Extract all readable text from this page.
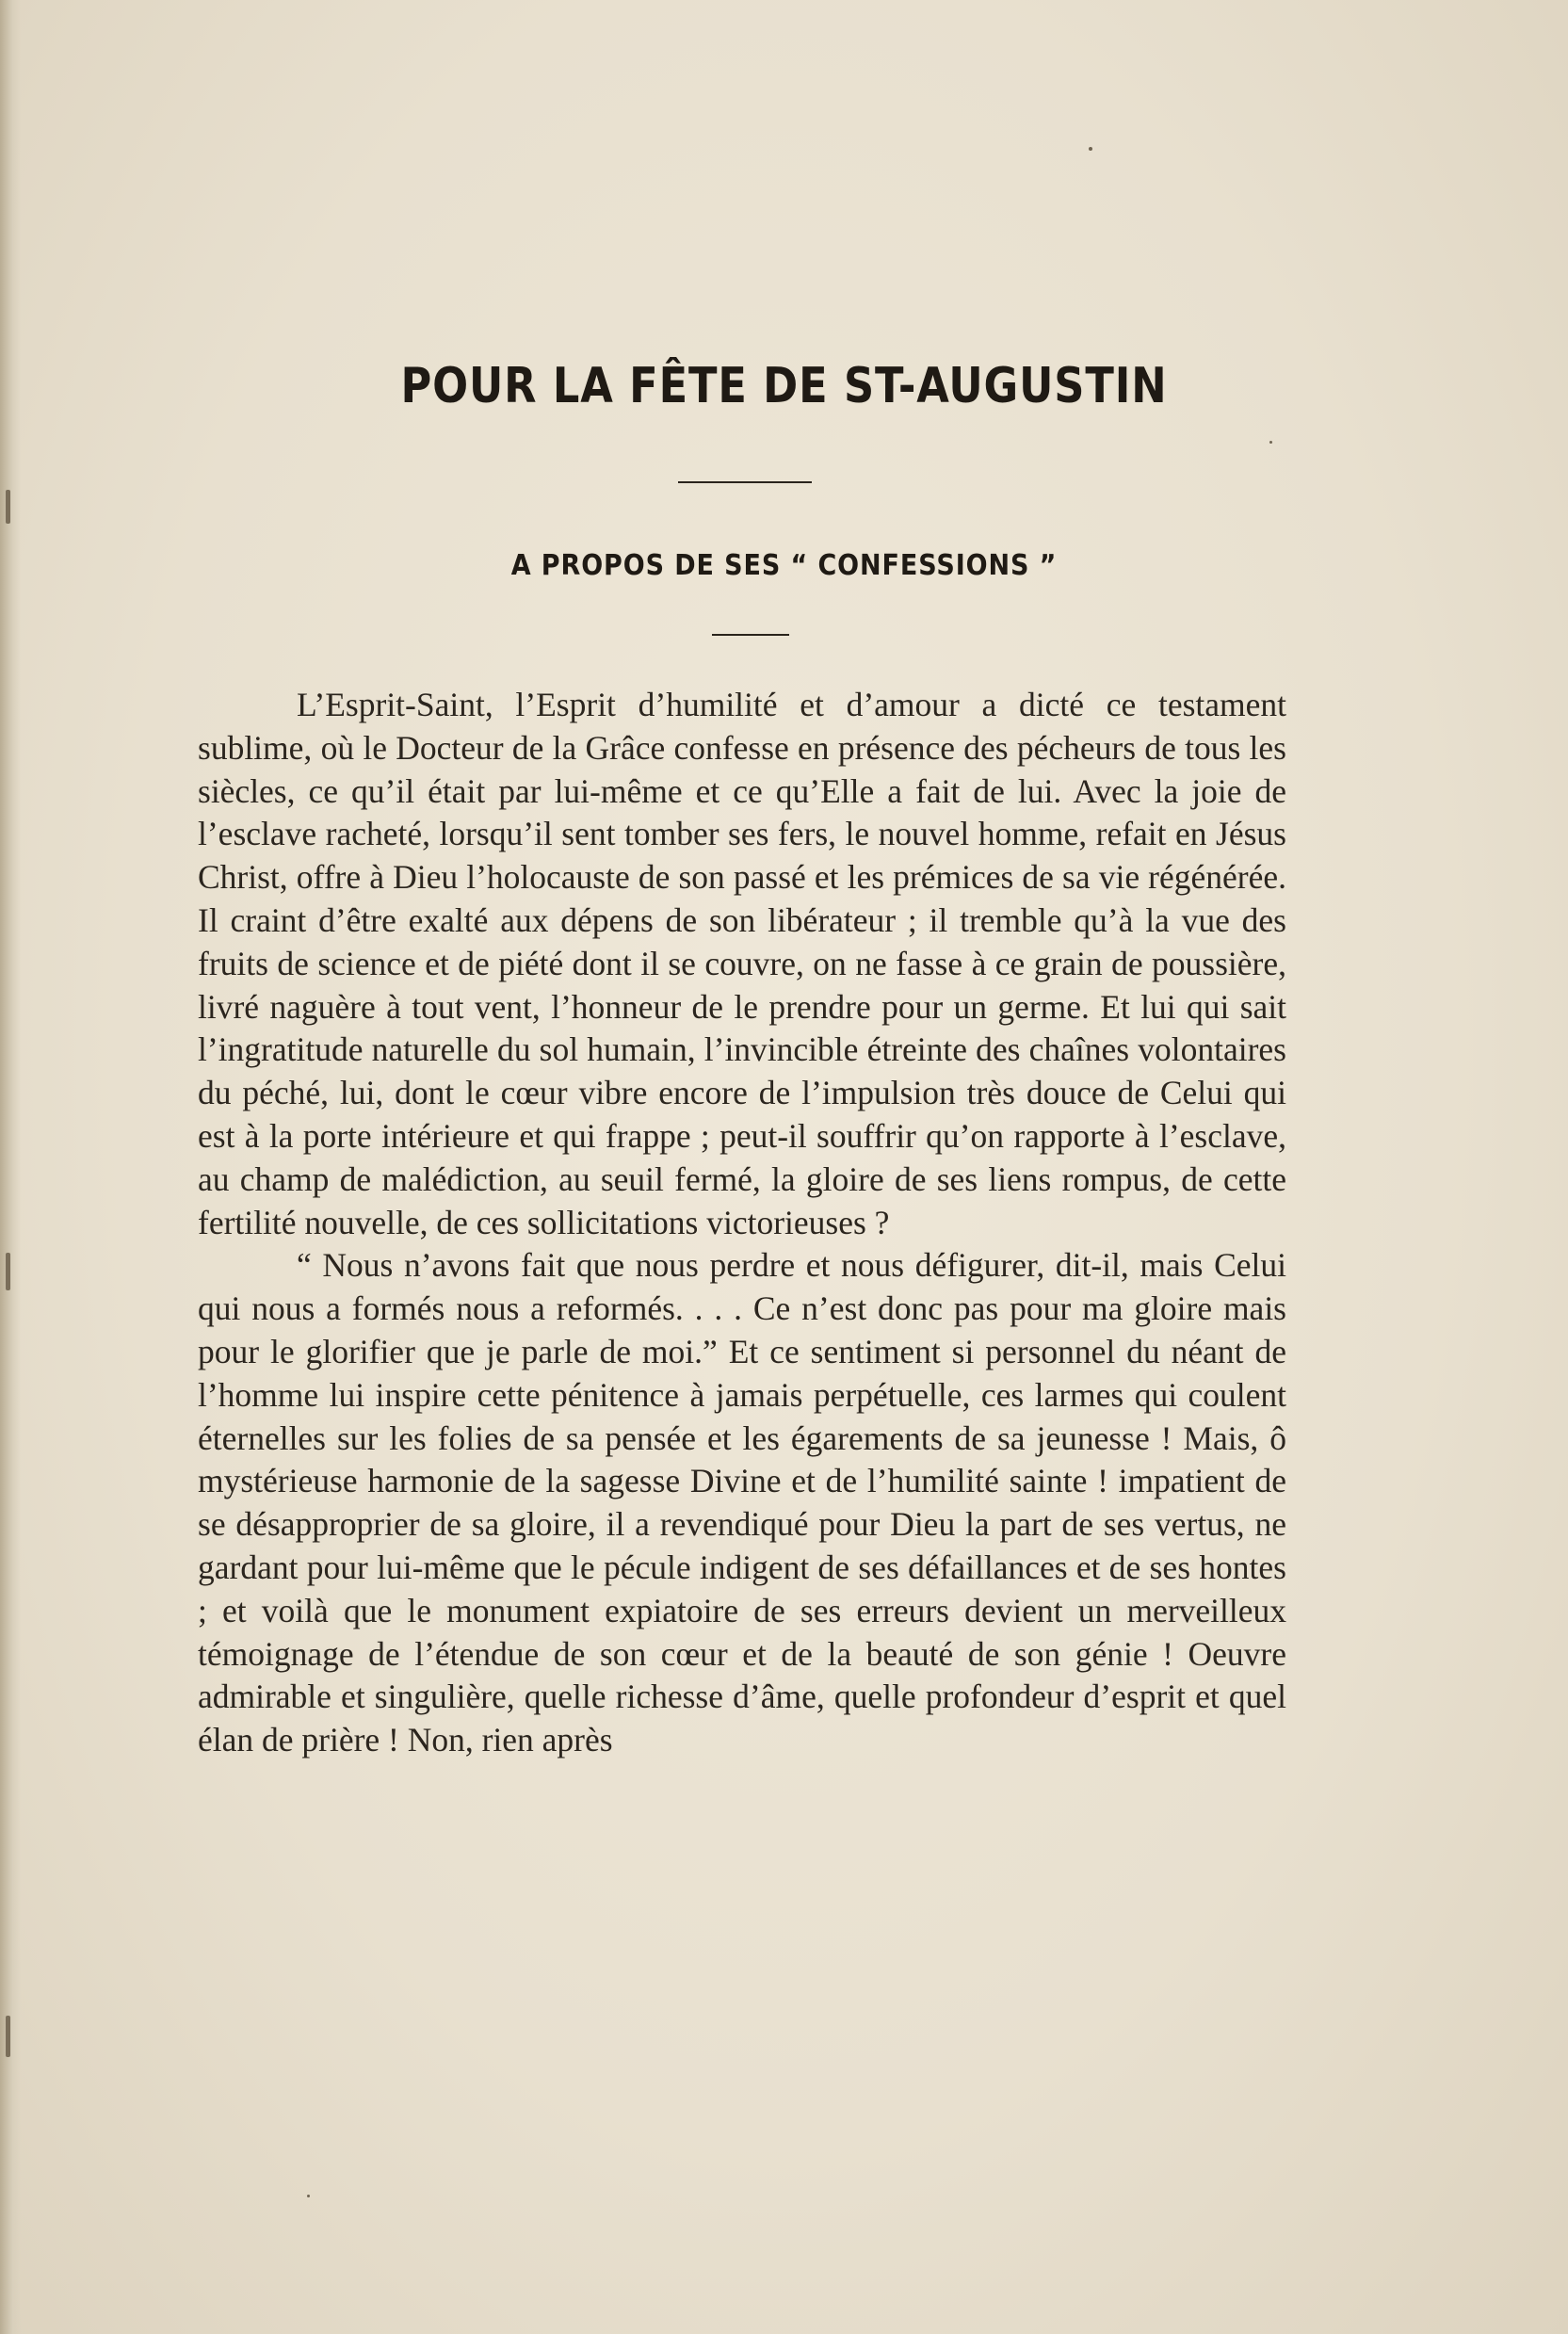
POUR LA FÊTE DE ST-AUGUSTIN
A PROPOS DE SES “ CONFESSIONS ”

L’Esprit-Saint, l’Esprit d’humilité et d’amour a dicté ce testament sublime, où le Docteur de la Grâce confesse en présence des pécheurs de tous les siècles, ce qu’il était par lui-même et ce qu’Elle a fait de lui. Avec la joie de l’esclave racheté, lorsqu’il sent tomber ses fers, le nouvel homme, refait en Jésus Christ, offre à Dieu l’holocauste de son passé et les prémices de sa vie régénérée. Il craint d’être exalté aux dépens de son libérateur ; il tremble qu’à la vue des fruits de science et de piété dont il se couvre, on ne fasse à ce grain de poussière, livré naguère à tout vent, l’honneur de le prendre pour un germe. Et lui qui sait l’ingratitude naturelle du sol humain, l’invincible étreinte des chaînes volontaires du péché, lui, dont le cœur vibre encore de l’impulsion très douce de Celui qui est à la porte intérieure et qui frappe ; peut-il souffrir qu’on rapporte à l’esclave, au champ de malédiction, au seuil fermé, la gloire de ses liens rompus, de cette fertilité nouvelle, de ces sollicitations victorieuses ?

“ Nous n’avons fait que nous perdre et nous défigurer, dit-il, mais Celui qui nous a formés nous a reformés. . . . Ce n’est donc pas pour ma gloire mais pour le glorifier que je parle de moi.” Et ce sentiment si personnel du néant de l’homme lui inspire cette pénitence à jamais perpétuelle, ces larmes qui coulent éternelles sur les folies de sa pensée et les égarements de sa jeunesse ! Mais, ô mystérieuse harmonie de la sagesse Divine et de l’humilité sainte ! impatient de se désapproprier de sa gloire, il a revendiqué pour Dieu la part de ses vertus, ne gardant pour lui-même que le pécule indigent de ses défaillances et de ses hontes ; et voilà que le monument expiatoire de ses erreurs devient un merveilleux témoignage de l’étendue de son cœur et de la beauté de son génie ! Oeuvre admirable et singulière, quelle richesse d’âme, quelle profondeur d’esprit et quel élan de prière ! Non, rien après
